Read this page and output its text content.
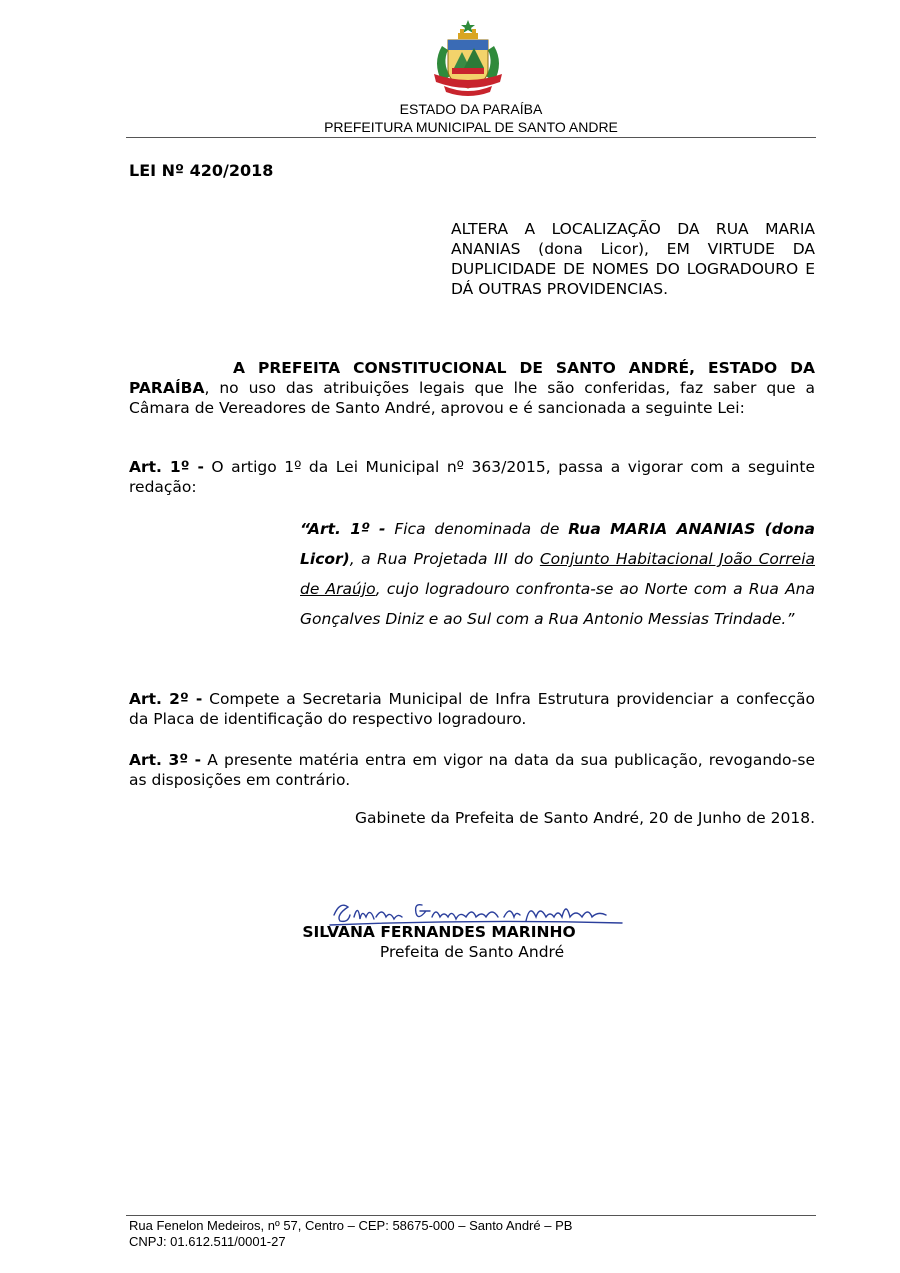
ESTADO DA PARAÍBA
PREFEITURA MUNICIPAL DE SANTO ANDRE
LEI Nº 420/2018
ALTERA A LOCALIZAÇÃO DA RUA MARIA ANANIAS (dona Licor), EM VIRTUDE DA DUPLICIDADE DE NOMES DO LOGRADOURO E DÁ OUTRAS PROVIDENCIAS.
A PREFEITA CONSTITUCIONAL DE SANTO ANDRÉ, ESTADO DA PARAÍBA, no uso das atribuições legais que lhe são conferidas, faz saber que a Câmara de Vereadores de Santo André, aprovou e é sancionada a seguinte Lei:
Art. 1º - O artigo 1º da Lei Municipal nº 363/2015, passa a vigorar com a seguinte redação:
“Art. 1º - Fica denominada de Rua MARIA ANANIAS (dona Licor), a Rua Projetada III do Conjunto Habitacional João Correia de Araújo, cujo logradouro confronta-se ao Norte com a Rua Ana Gonçalves Diniz e ao Sul com a Rua Antonio Messias Trindade.”
Art. 2º - Compete a Secretaria Municipal de Infra Estrutura providenciar a confecção da Placa de identificação do respectivo logradouro.
Art. 3º - A presente matéria entra em vigor na data da sua publicação, revogando-se as disposições em contrário.
Gabinete da Prefeita de Santo André, 20 de Junho de 2018.
SILVANA FERNANDES MARINHO
Prefeita de Santo André
Rua Fenelon Medeiros, nº 57, Centro – CEP: 58675-000 – Santo André – PB
CNPJ: 01.612.511/0001-27
